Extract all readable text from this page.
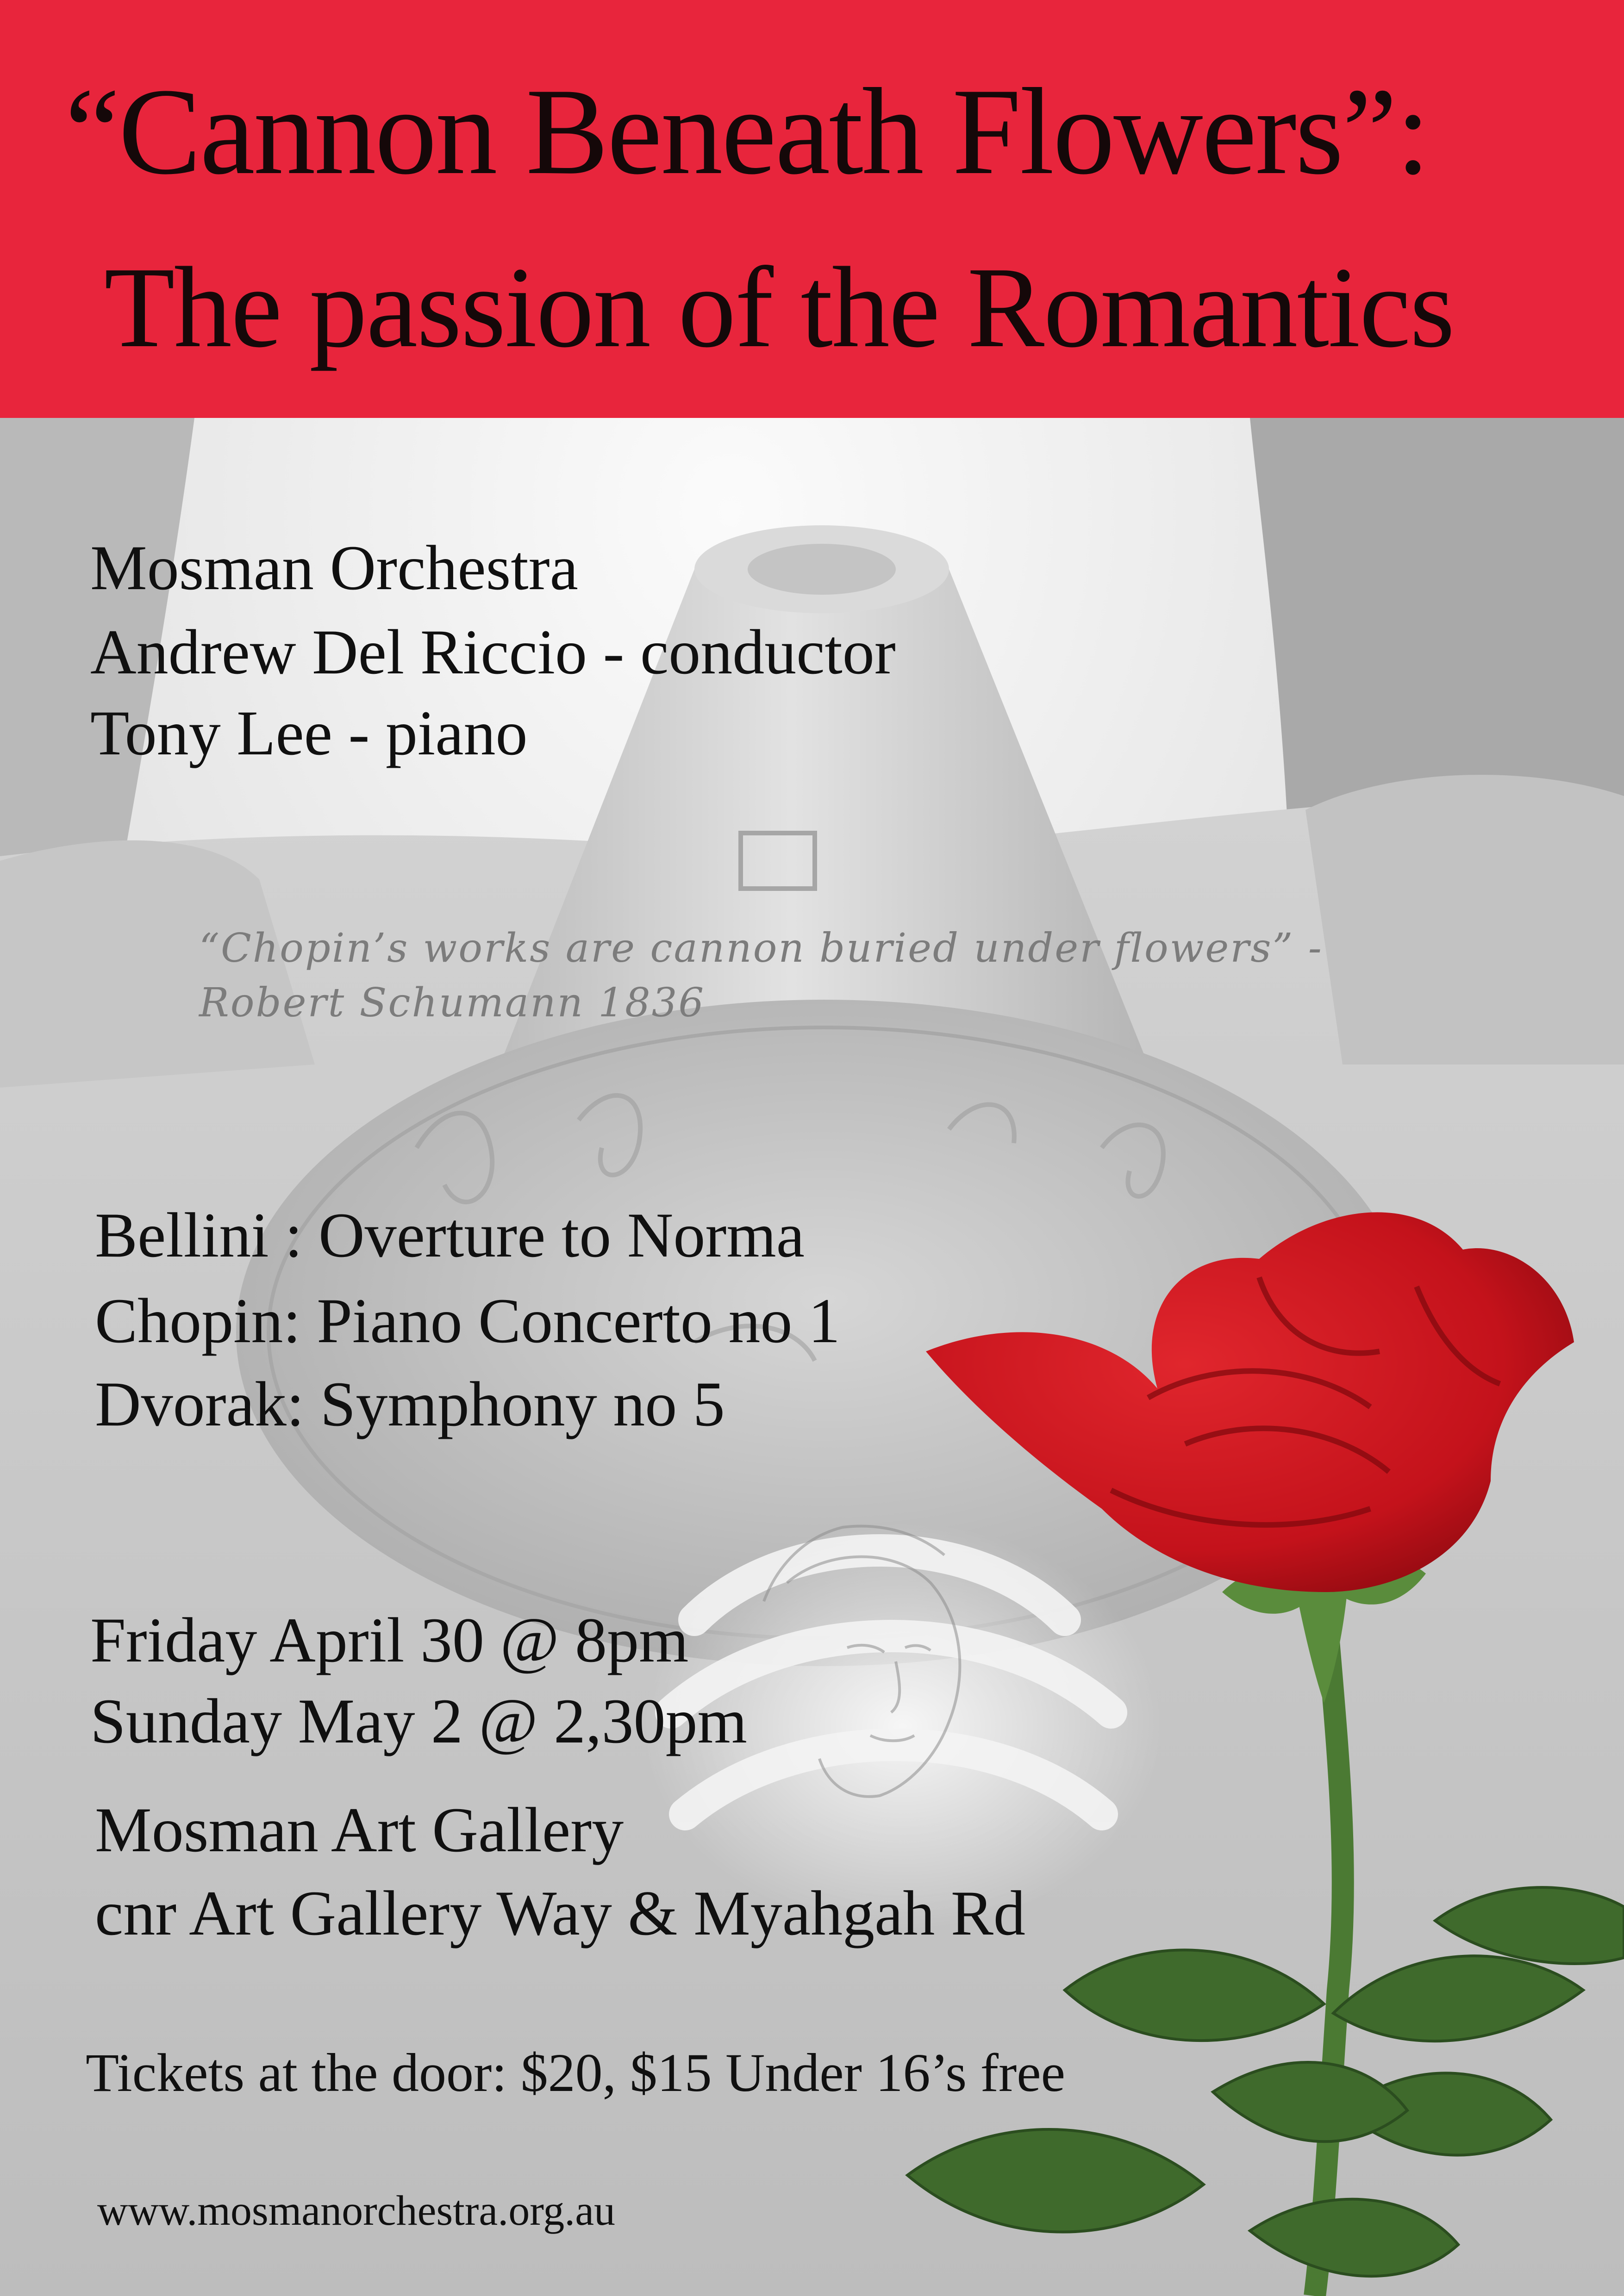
“Cannon Beneath Flowers”:
The passion of the Romantics

Mosman Orchestra

Andrew Del Riccio - conductor

Tony Lee - piano

“Chopin’s works are cannon buried under flowers” -
Robert Schumann 1836

Bellini : Overture to Norma

Chopin: Piano Concerto no 1

Dvorak: Symphony no 5

Friday April 30 @ 8pm

Sunday May 2 @ 2,30pm

Mosman Art Gallery

cnr Art Gallery Way & Myahgah Rd

Tickets at the door: $20, $15 Under 16’s free

www.mosmanorchestra.org.au
